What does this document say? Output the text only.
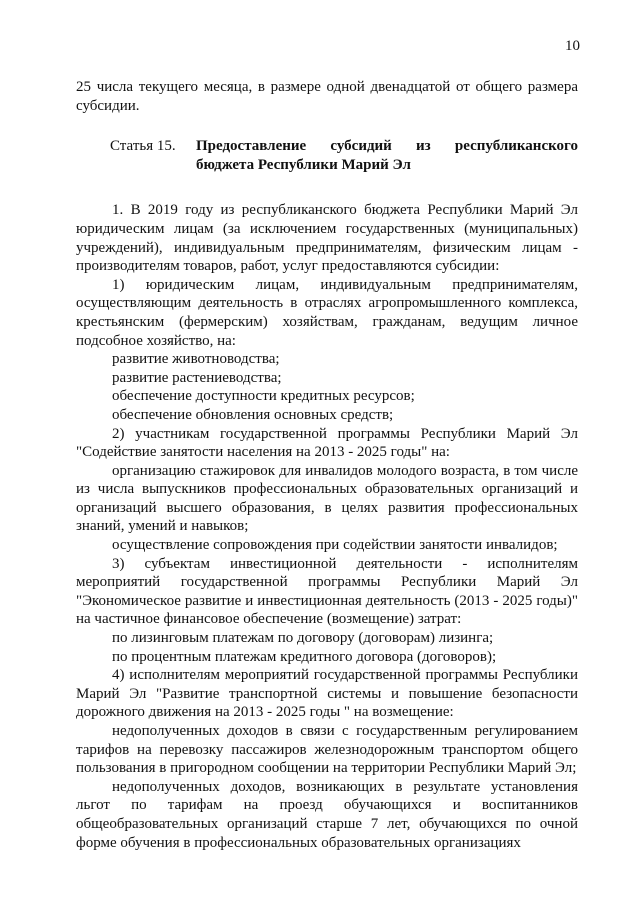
10

25 числа текущего месяца, в размере одной двенадцатой от общего размера субсидии.

Статья 15.	Предоставление субсидий из республиканского бюджета Республики Марий Эл

1. В 2019 году из республиканского бюджета Республики Марий Эл юридическим лицам (за исключением государственных (муниципальных) учреждений), индивидуальным предпринимателям, физическим лицам - производителям товаров, работ, услуг предоставляются субсидии:

1) юридическим лицам, индивидуальным предпринимателям, осуществляющим деятельность в отраслях агропромышленного комплекса, крестьянским (фермерским) хозяйствам, гражданам, ведущим личное подсобное хозяйство, на:

развитие животноводства;

развитие растениеводства;

обеспечение доступности кредитных ресурсов;

обеспечение обновления основных средств;

2) участникам государственной программы Республики Марий Эл "Содействие занятости населения на 2013 - 2025 годы" на:

организацию стажировок для инвалидов молодого возраста, в том числе из числа выпускников профессиональных образовательных организаций и организаций высшего образования, в целях развития профессиональных знаний, умений и навыков;

осуществление сопровождения при содействии занятости инвалидов;

3) субъектам инвестиционной деятельности - исполнителям мероприятий государственной программы Республики Марий Эл "Экономическое развитие и инвестиционная деятельность (2013 - 2025 годы)" на частичное финансовое обеспечение (возмещение) затрат:

по лизинговым платежам по договору (договорам) лизинга;

по процентным платежам кредитного договора (договоров);

4) исполнителям мероприятий государственной программы Республики Марий Эл "Развитие транспортной системы и повышение безопасности дорожного движения на 2013 - 2025 годы " на возмещение:

недополученных доходов в связи с государственным регулированием тарифов на перевозку пассажиров железнодорожным транспортом общего пользования в пригородном сообщении на территории Республики Марий Эл;

недополученных доходов, возникающих в результате установления льгот по тарифам на проезд обучающихся и воспитанников общеобразовательных организаций старше 7 лет, обучающихся по очной форме обучения в профессиональных образовательных организациях
